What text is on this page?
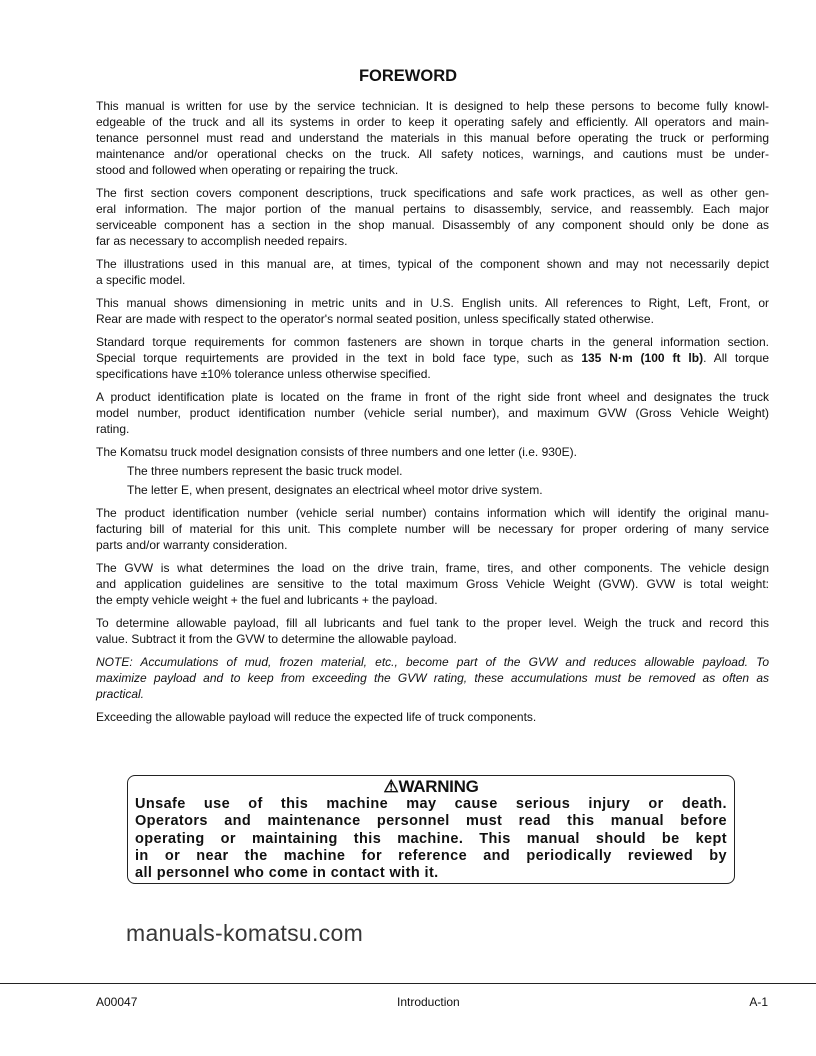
FOREWORD
This manual is written for use by the service technician. It is designed to help these persons to become fully knowl-
edgeable of the truck and all its systems in order to keep it operating safely and efficiently. All operators and main-
tenance personnel must read and understand the materials in this manual before operating the truck or performing
maintenance and/or operational checks on the truck. All safety notices, warnings, and cautions must be under-
stood and followed when operating or repairing the truck.
The first section covers component descriptions, truck specifications and safe work practices, as well as other gen-
eral information. The major portion of the manual pertains to disassembly, service, and reassembly. Each major
serviceable component has a section in the shop manual. Disassembly of any component should only be done as
far as necessary to accomplish needed repairs.
The illustrations used in this manual are, at times, typical of the component shown and may not necessarily depict
a specific model.
This manual shows dimensioning in metric units and in U.S. English units. All references to Right, Left, Front, or
Rear are made with respect to the operator's normal seated position, unless specifically stated otherwise.
Standard torque requirements for common fasteners are shown in torque charts in the general information section.
Special torque requirtements are provided in the text in bold face type, such as 135 N·m (100 ft lb). All torque
specifications have ±10% tolerance unless otherwise specified.
A product identification plate is located on the frame in front of the right side front wheel and designates the truck
model number, product identification number (vehicle serial number), and maximum GVW (Gross Vehicle Weight)
rating.
The Komatsu truck model designation consists of three numbers and one letter (i.e. 930E).
The three numbers represent the basic truck model.
The letter E, when present, designates an electrical wheel motor drive system.
The product identification number (vehicle serial number) contains information which will identify the original manu-
facturing bill of material for this unit. This complete number will be necessary for proper ordering of many service
parts and/or warranty consideration.
The GVW is what determines the load on the drive train, frame, tires, and other components. The vehicle design
and application guidelines are sensitive to the total maximum Gross Vehicle Weight (GVW). GVW is total weight:
the empty vehicle weight + the fuel and lubricants + the payload.
To determine allowable payload, fill all lubricants and fuel tank to the proper level. Weigh the truck and record this
value. Subtract it from the GVW to determine the allowable payload.
NOTE: Accumulations of mud, frozen material, etc., become part of the GVW and reduces allowable payload. To
maximize payload and to keep from exceeding the GVW rating, these accumulations must be removed as often as
practical.
Exceeding the allowable payload will reduce the expected life of truck components.
manuals-komatsu.com
⚠WARNING
Unsafe use of this machine may cause serious injury or death.
Operators and maintenance personnel must read this manual before
operating or maintaining this machine. This manual should be kept
in or near the machine for reference and periodically reviewed by
all personnel who come in contact with it.
A00047	Introduction	A-1
